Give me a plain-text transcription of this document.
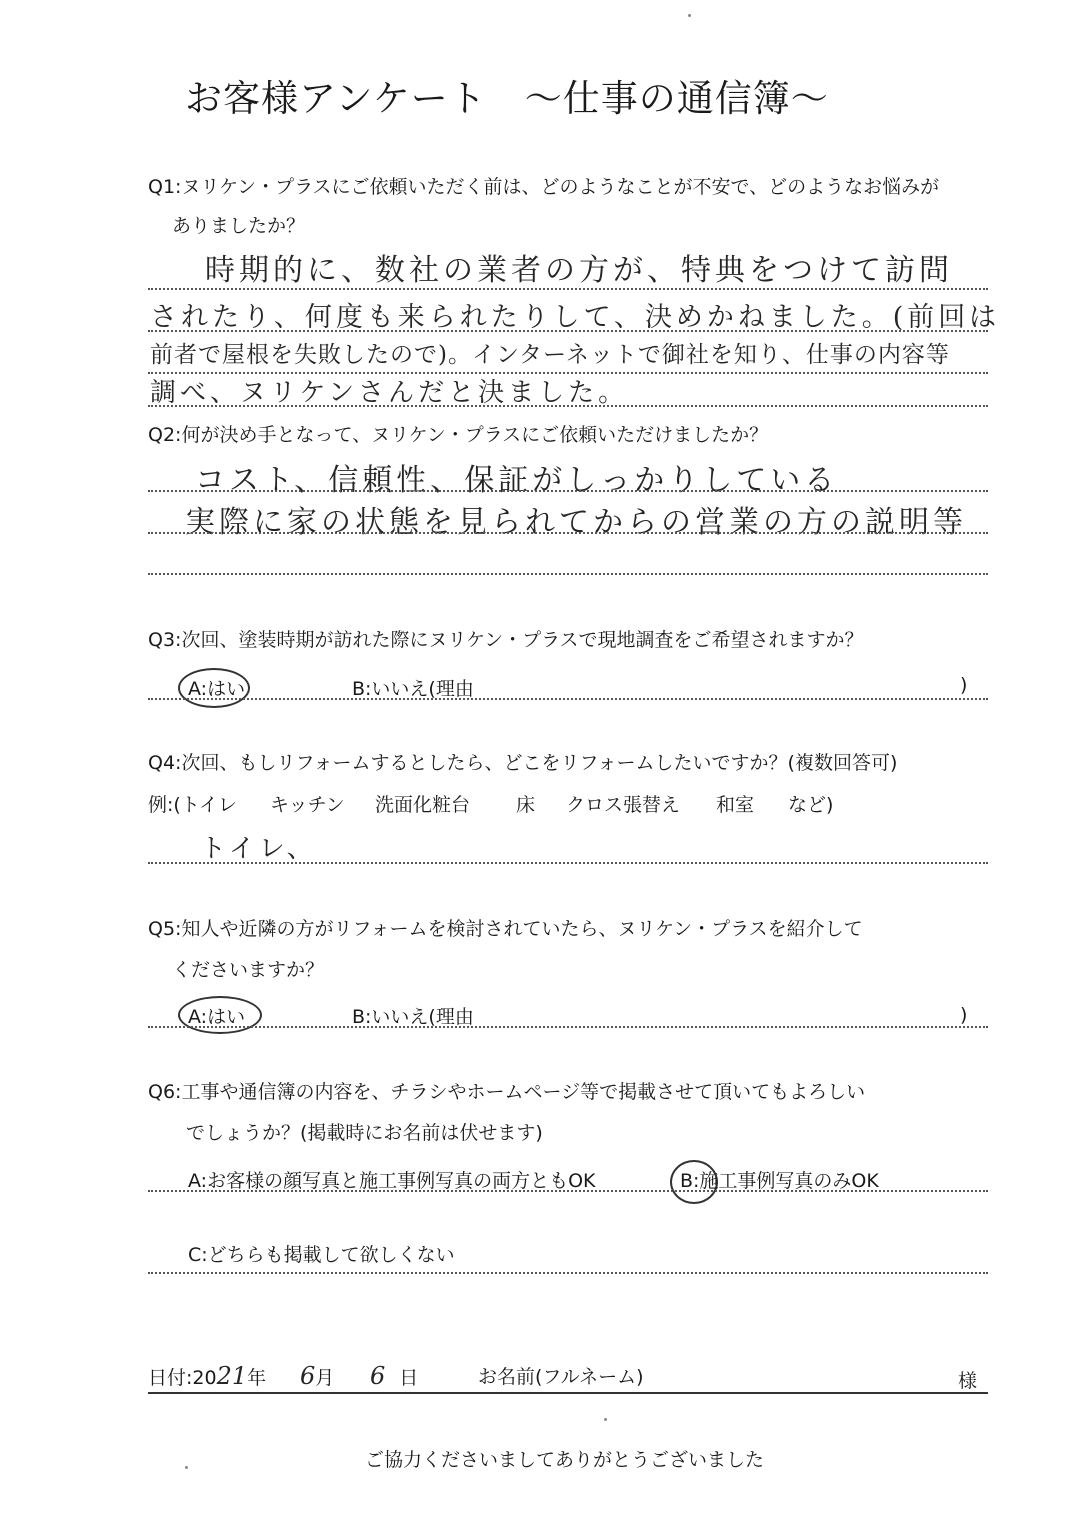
お客様アンケート　～仕事の通信簿～
Q1:ヌリケン・プラスにご依頼いただく前は、どのようなことが不安で、どのようなお悩みが
ありましたか？
時期的に、数社の業者の方が、特典をつけて訪問
されたり、何度も来られたりして、決めかねました。(前回は
前者で屋根を失敗したので)。インターネットで御社を知り、仕事の内容等
調べ、ヌリケンさんだと決ました。
Q2:何が決め手となって、ヌリケン・プラスにご依頼いただけましたか？
コスト、信頼性、保証がしっかりしている
実際に家の状態を見られてからの営業の方の説明等
Q3:次回、塗装時期が訪れた際にヌリケン・プラスで現地調査をご希望されますか？
A:はい	B:いいえ(理由	)
Q4:次回、もしリフォームするとしたら、どこをリフォームしたいですか？(複数回答可)
例:(トイレ キッチン 洗面化粧台 床 クロス張替え 和室 など)
トイレ、
Q5:知人や近隣の方がリフォームを検討されていたら、ヌリケン・プラスを紹介して
くださいますか？
A:はい	B:いいえ(理由	)
Q6:工事や通信簿の内容を、チラシやホームページ等で掲載させて頂いてもよろしい
でしょうか？(掲載時にお名前は伏せます)
A:お客様の顔写真と施工事例写真の両方ともOK	B:施工事例写真のみOK
C:どちらも掲載して欲しくない
日付:2021年 6月 6 日	お名前(フルネーム)	様
ご協力くださいましてありがとうございました
